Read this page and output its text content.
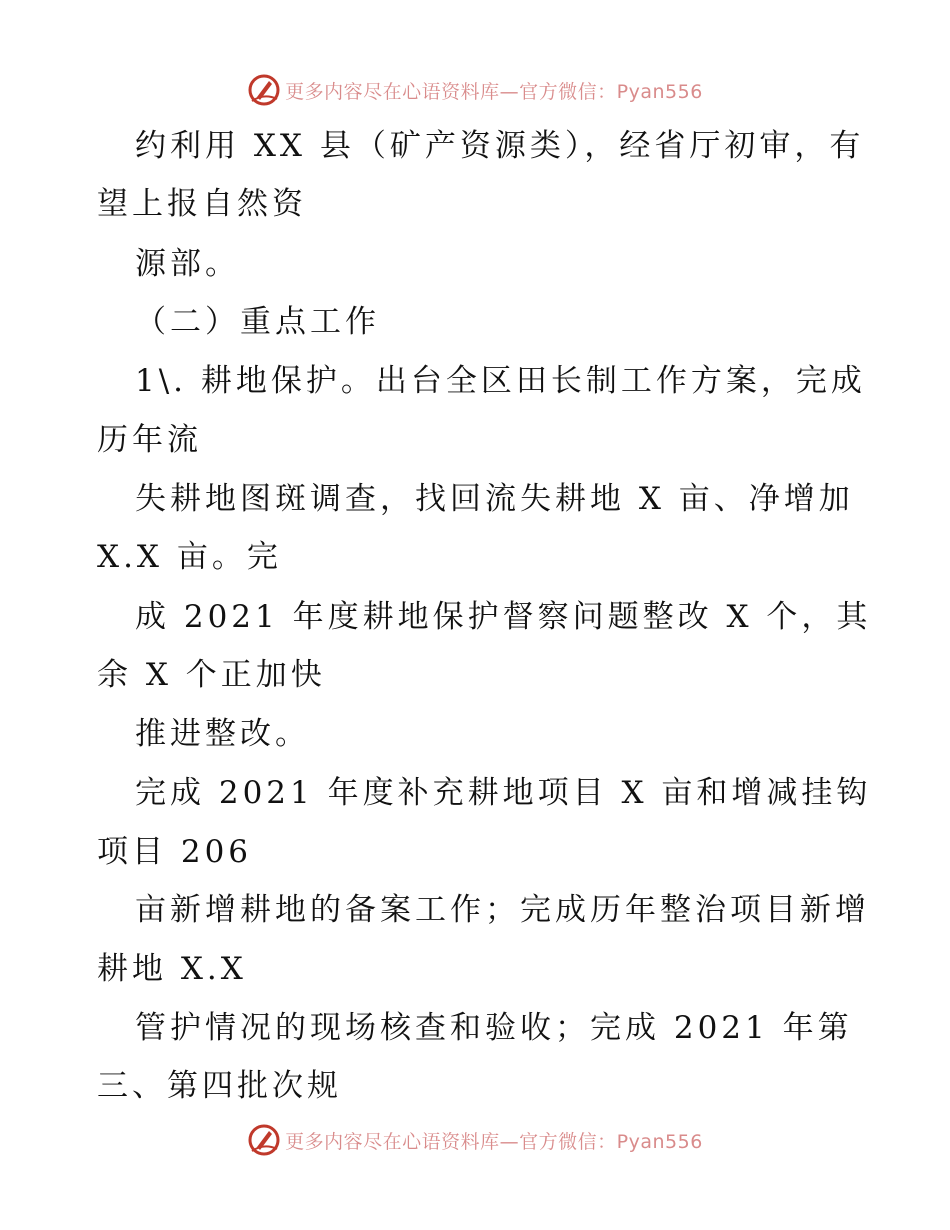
更多内容尽在心语资料库—官方微信：Pyan556
约利用 XX 县（矿产资源类），经省厅初审，有
望上报自然资
源部。
（二）重点工作
1\. 耕地保护。出台全区田长制工作方案，完成
历年流
失耕地图斑调查，找回流失耕地 X 亩、净增加
X.X 亩。完
成 2021 年度耕地保护督察问题整改 X 个，其
余 X 个正加快
推进整改。
完成 2021 年度补充耕地项目 X 亩和增减挂钩
项目 206
亩新增耕地的备案工作；完成历年整治项目新增
耕地 X.X
管护情况的现场核查和验收；完成 2021 年第
三、第四批次规
更多内容尽在心语资料库—官方微信：Pyan556
